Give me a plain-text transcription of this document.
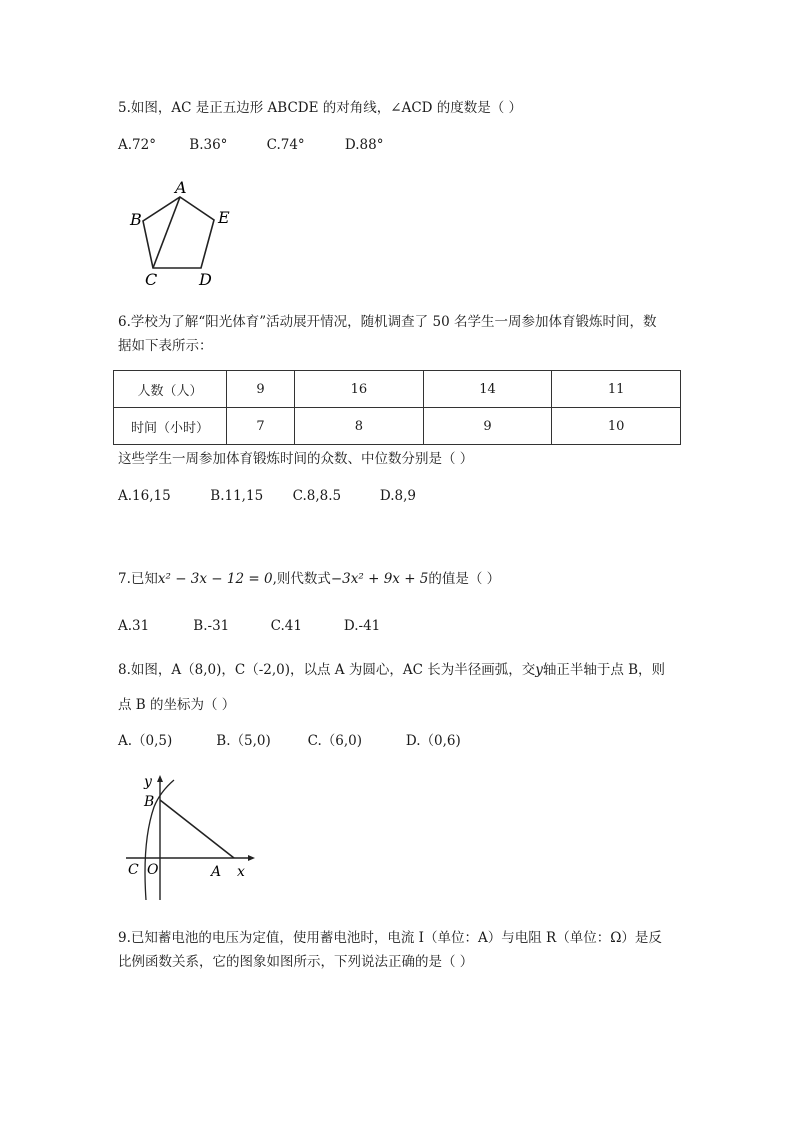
5.如图，AC 是正五边形 ABCDE 的对角线，∠ACD 的度数是（ ）
A.72° B.36°	C.74°	D.88°
A
B	E
C	D
6.学校为了解“阳光体育”活动展开情况，随机调查了 50 名学生一周参加体育锻炼时间，数
据如下表所示：
人数（人）	9	16	14	11
时间（小时）	7	8	9	10
这些学生一周参加体育锻炼时间的众数、中位数分别是（ ）
A.16,15	B.11,15 C.8,8.5	D.8,9
7.已知x² − 3x − 12 = 0,则代数式−3x² + 9x + 5的值是（ ）
A.31	B.-31	C.41	D.-41
8.如图，A（8,0)，C（-2,0)，以点 A 为圆心，AC 长为半径画弧，交y轴正半轴于点 B，则
点 B 的坐标为（ ）
A.（0,5)	B.（5,0)	C.（6,0)	D.（0,6)
y
B
C O	A x
9.已知蓄电池的电压为定值，使用蓄电池时，电流 I（单位：A）与电阻 R（单位：Ω）是反
比例函数关系，它的图象如图所示，下列说法正确的是（ ）
